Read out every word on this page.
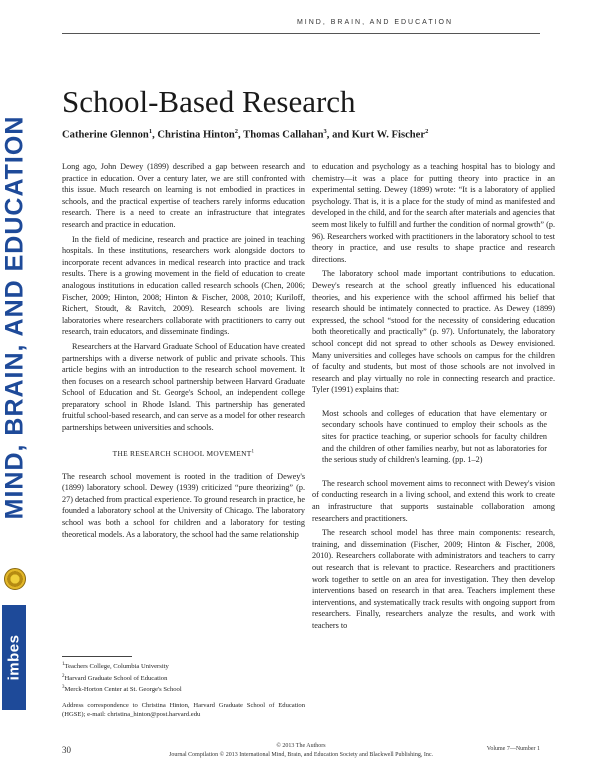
MIND, BRAIN, AND EDUCATION
MIND, BRAIN, AND EDUCATION
imbes
School-Based Research

Catherine Glennon$^1$, Christina Hinton$^2$, Thomas Callahan$^3$, and Kurt W. Fischer$^2$

Long ago, John Dewey (1899) described a gap between research and practice in education. Over a century later, we are still confronted with this issue. Much research on learning is not embodied in practices in schools, and the practical expertise of teachers rarely informs education research. There is a need to create an infrastructure that integrates research and practice in education.

In the field of medicine, research and practice are joined in teaching hospitals. In these institutions, researchers work alongside doctors to incorporate recent advances in medical research into practice and track results. There is a growing movement in the field of education to create analogous institutions in education called research schools (Chen, 2006; Fischer, 2009; Hinton, 2008; Hinton & Fischer, 2008, 2010; Kuriloff, Richert, Stoudt, & Ravitch, 2009). Research schools are living laboratories where researchers collaborate with practitioners to carry out research, train educators, and disseminate findings.

Researchers at the Harvard Graduate School of Education have created partnerships with a diverse network of public and private schools. This article begins with an introduction to the research school movement. It then focuses on a research school partnership between Harvard Graduate School of Education and St. George's School, an independent college preparatory school in Rhode Island. This partnership has generated fruitful school-based research, and can serve as a model for other research partnerships between universities and schools.

THE RESEARCH SCHOOL MOVEMENT$^1$

The research school movement is rooted in the tradition of Dewey's (1899) laboratory school. Dewey (1939) criticized “pure theorizing” (p. 27) detached from practical experience. To ground research in practice, he founded a laboratory school at the University of Chicago. The laboratory school was both a school for children and a laboratory for testing theoretical models. As a laboratory, the school had the same relationship

to education and psychology as a teaching hospital has to biology and chemistry—it was a place for putting theory into practice in an experimental setting. Dewey (1899) wrote: “It is a laboratory of applied psychology. That is, it is a place for the study of mind as manifested and developed in the child, and for the search after materials and agencies that seem most likely to fulfill and further the condition of normal growth” (p. 96). Researchers worked with practitioners in the laboratory school to test theory in practice, and use results to shape practice and research directions.

The laboratory school made important contributions to education. Dewey's research at the school greatly influenced his educational theories, and his experience with the school affirmed his belief that research should be intimately connected to practice. As Dewey (1899) expressed, the school “stood for the necessity of considering education both theoretically and practically” (p. 97). Unfortunately, the laboratory school concept did not spread to other schools as Dewey envisioned. Many universities and colleges have schools on campus for the children of faculty and students, but most of those schools are not involved in research and play virtually no role in connecting research and practice. Tyler (1991) explains that:

Most schools and colleges of education that have elementary or secondary schools have continued to employ their schools as the sites for practice teaching, or superior schools for faculty children and the children of other families nearby, but not as laboratories for the serious study of children's learning. (pp. 1–2)

The research school movement aims to reconnect with Dewey's vision of conducting research in a living school, and extend this work to create an infrastructure that supports sustainable collaboration among researchers and practitioners.

The research school model has three main components: research, training, and dissemination (Fischer, 2009; Hinton & Fischer, 2008, 2010). Researchers collaborate with administrators and teachers to carry out research that is relevant to practice. Researchers and practitioners work together to settle on an area for investigation. They then develop interventions based on research in that area. Teachers implement these interventions, and systematically track results with ongoing support from researchers. Finally, researchers analyze the results, and work with teachers to

$^1$Teachers College, Columbia University
$^2$Harvard Graduate School of Education
$^3$Merck-Horton Center at St. George's School
Address correspondence to Christina Hinton, Harvard Graduate School of Education (HGSE); e-mail: christina_hinton@post.harvard.edu
30	© 2013 The Authors
Journal Compilation © 2013 International Mind, Brain, and Education Society and Blackwell Publishing, Inc.
Volume 7—Number 1
